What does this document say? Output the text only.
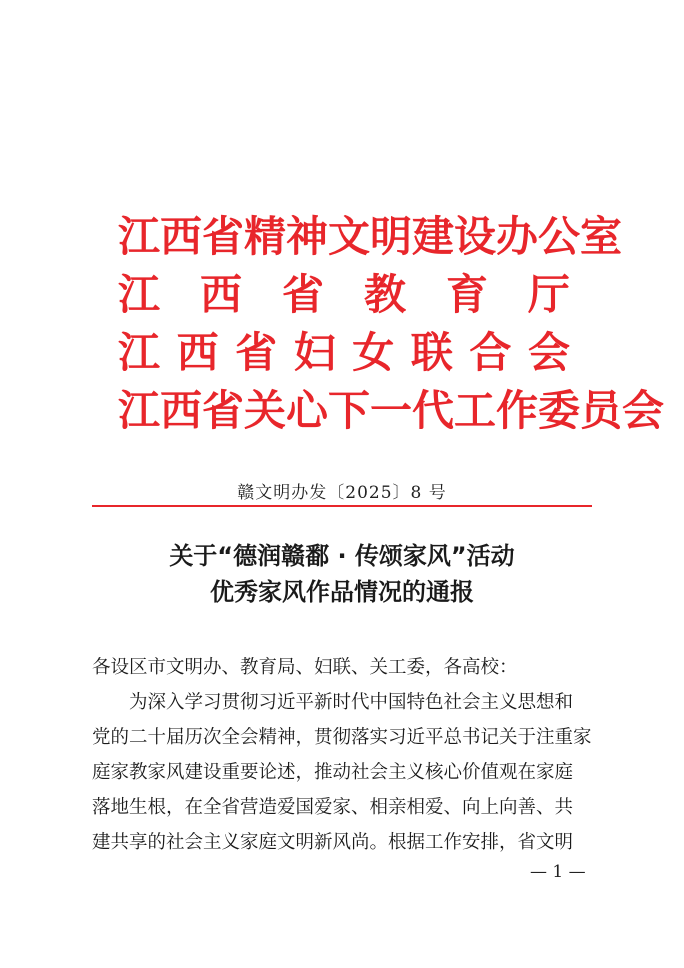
江西省精神文明建设办公室
江 西 省 教 育 厅
江 西 省 妇 女 联 合 会
江西省关心下一代工作委员会
赣文明办发〔2025〕8 号
关于“德润赣鄱 · 传颂家风”活动
优秀家风作品情况的通报
各设区市文明办、教育局、妇联、关工委，各高校：
为深入学习贯彻习近平新时代中国特色社会主义思想和
党的二十届历次全会精神，贯彻落实习近平总书记关于注重家
庭家教家风建设重要论述，推动社会主义核心价值观在家庭
落地生根，在全省营造爱国爱家、相亲相爱、向上向善、共
建共享的社会主义家庭文明新风尚。根据工作安排，省文明
— 1 —
